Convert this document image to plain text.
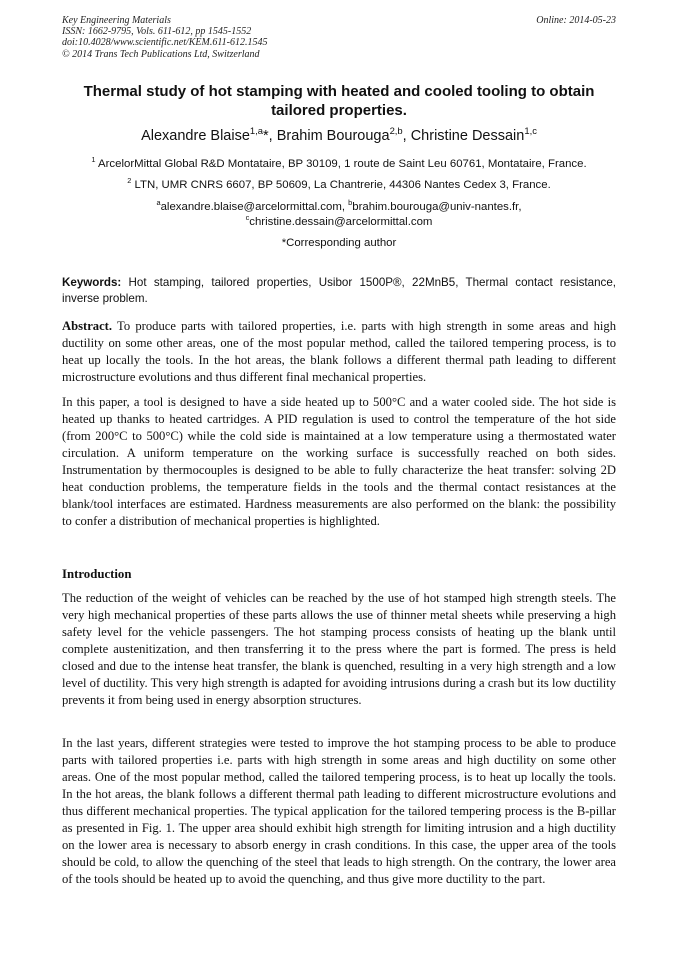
Key Engineering Materials
ISSN: 1662-9795, Vols. 611-612, pp 1545-1552
doi:10.4028/www.scientific.net/KEM.611-612.1545
© 2014 Trans Tech Publications Ltd, Switzerland
Online: 2014-05-23
Thermal study of hot stamping with heated and cooled tooling to obtain tailored properties.
Alexandre Blaise$^{1,a}$*, Brahim Bourouga$^{2,b}$, Christine Dessain$^{1,c}$
$^1$ ArcelorMittal Global R&D Montataire, BP 30109, 1 route de Saint Leu 60761, Montataire, France.
$^2$ LTN, UMR CNRS 6607, BP 50609, La Chantrerie, 44306 Nantes Cedex 3, France.
$^a$alexandre.blaise@arcelormittal.com, $^b$brahim.bourouga@univ-nantes.fr,
$^c$christine.dessain@arcelormittal.com
*Corresponding author
Keywords: Hot stamping, tailored properties, Usibor 1500P®, 22MnB5, Thermal contact resistance, inverse problem.
Abstract. To produce parts with tailored properties, i.e. parts with high strength in some areas and high ductility on some other areas, one of the most popular method, called the tailored tempering process, is to heat up locally the tools. In the hot areas, the blank follows a different thermal path leading to different microstructure evolutions and thus different final mechanical properties.
In this paper, a tool is designed to have a side heated up to 500°C and a water cooled side. The hot side is heated up thanks to heated cartridges. A PID regulation is used to control the temperature of the hot side (from 200°C to 500°C) while the cold side is maintained at a low temperature using a thermostated water circulation. A uniform temperature on the working surface is successfully reached on both sides. Instrumentation by thermocouples is designed to be able to fully characterize the heat transfer: solving 2D heat conduction problems, the temperature fields in the tools and the thermal contact resistances at the blank/tool interfaces are estimated. Hardness measurements are also performed on the blank: the possibility to confer a distribution of mechanical properties is highlighted.
Introduction
The reduction of the weight of vehicles can be reached by the use of hot stamped high strength steels. The very high mechanical properties of these parts allows the use of thinner metal sheets while preserving a high safety level for the vehicle passengers. The hot stamping process consists of heating up the blank until complete austenitization, and then transferring it to the press where the part is formed. The press is held closed and due to the intense heat transfer, the blank is quenched, resulting in a very high strength and a low level of ductility. This very high strength is adapted for avoiding intrusions during a crash but its low ductility prevents it from being used in energy absorption structures.
In the last years, different strategies were tested to improve the hot stamping process to be able to produce parts with tailored properties i.e. parts with high strength in some areas and high ductility on some other areas. One of the most popular method, called the tailored tempering process, is to heat up locally the tools. In the hot areas, the blank follows a different thermal path leading to different microstructure evolutions and thus different mechanical properties. The typical application for the tailored tempering process is the B-pillar as presented in Fig. 1. The upper area should exhibit high strength for limiting intrusion and a high ductility on the lower area is necessary to absorb energy in crash conditions. In this case, the upper area of the tools should be cold, to allow the quenching of the steel that leads to high strength. On the contrary, the lower area of the tools should be heated up to avoid the quenching, and thus give more ductility to the part.
